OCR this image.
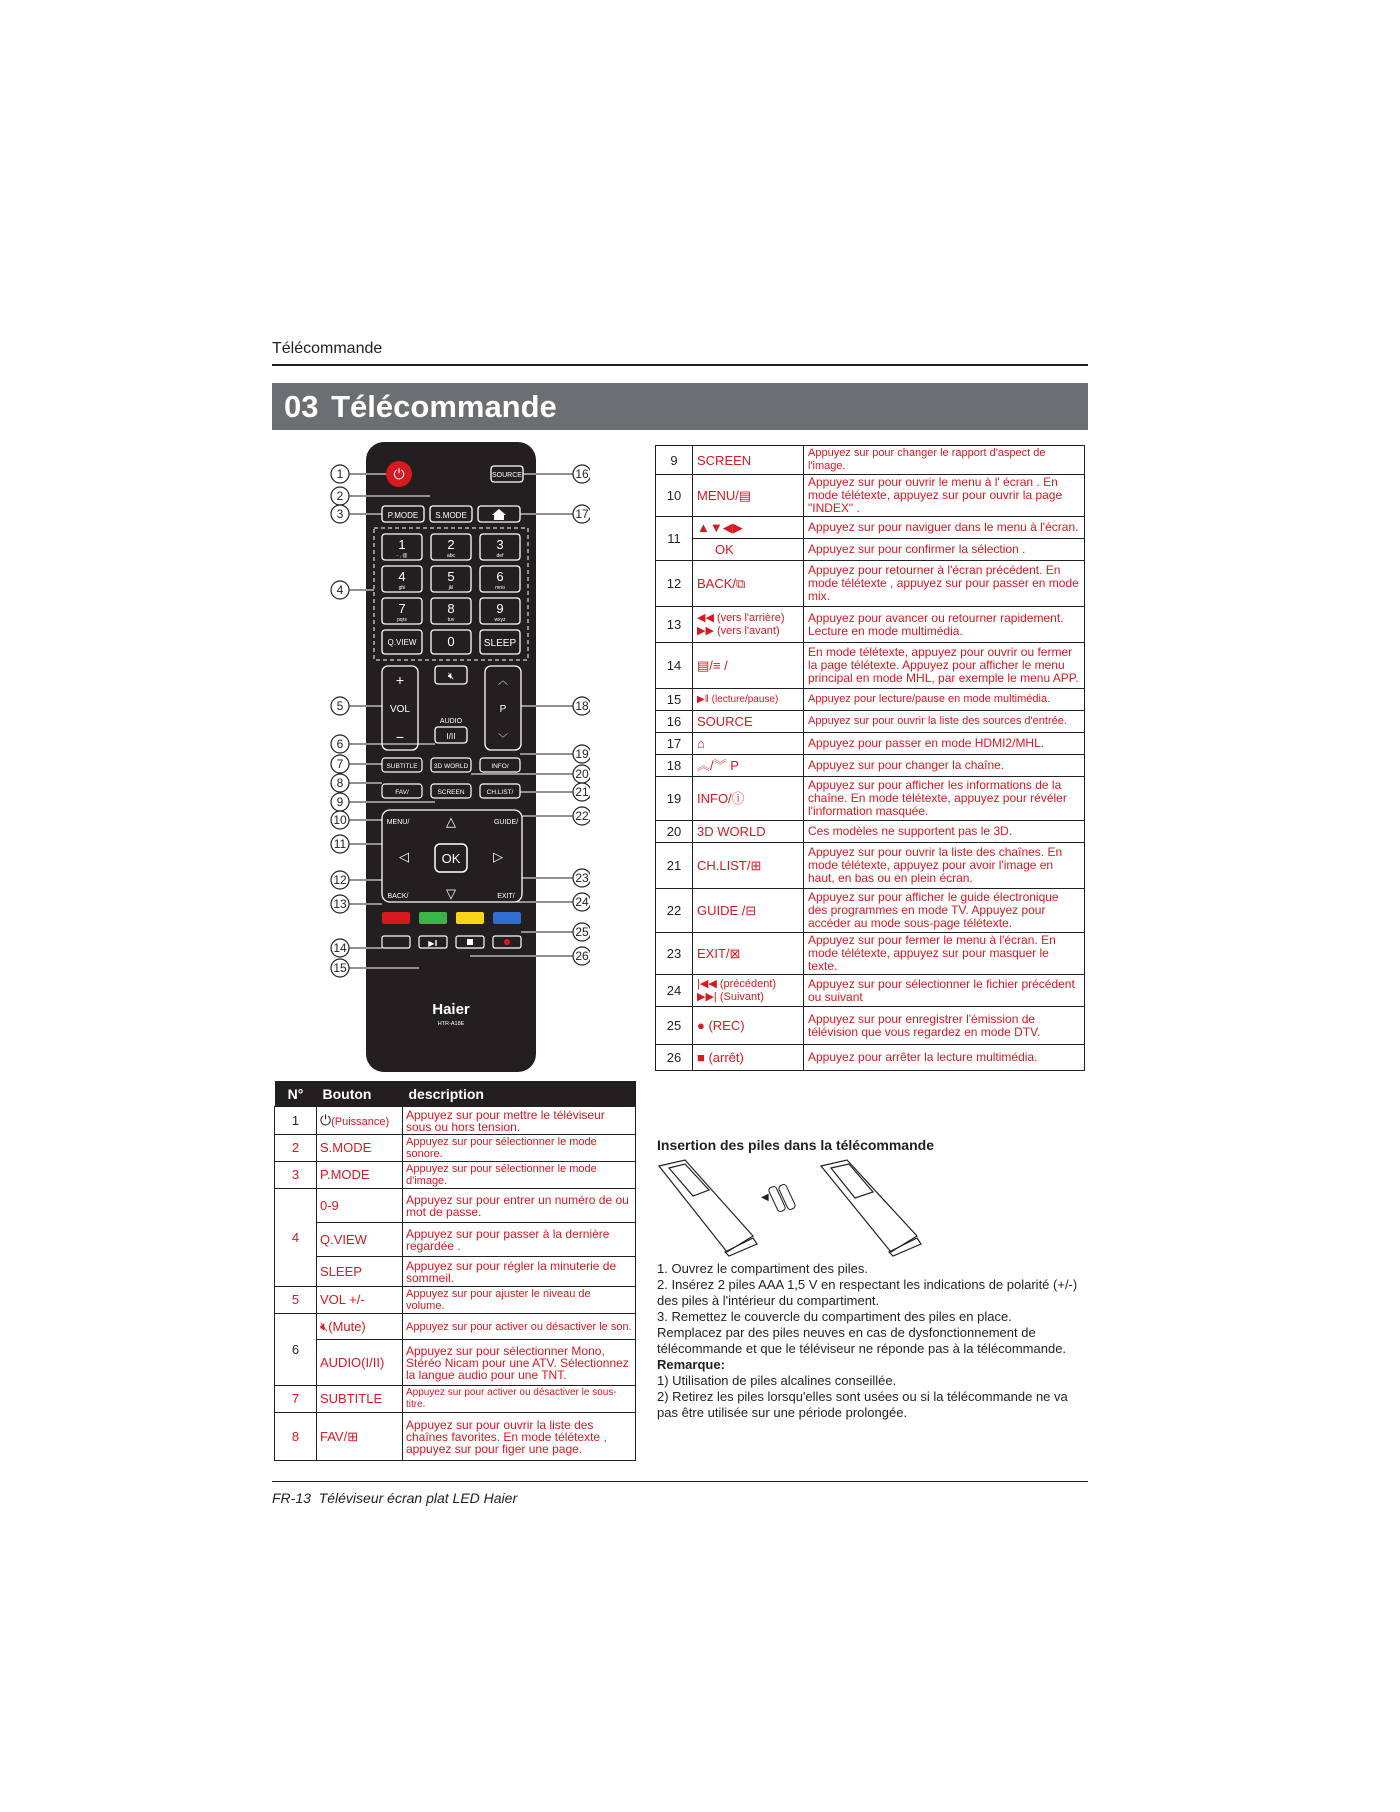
Télécommande
03 Télécommande
⏻	SOURCE
P.MODE S.MODE
1
- , @
2
abc
3
def
4
ghi
5
jkl
6
mno
7
pqrs
8
tuv
9
wxyz
Q.VIEW 0	SLEEP
+
VOL
−
🔇︎
AUDIO
I/II
︿
P
﹀
SUBTITLE	3D WORLD	INFO/
FAV/	SCREEN	CH.LIST/
MENU/	GUIDE/
BACK/	EXIT/
△
▽
◁	▷
OK
▶‖
Haier
HTR-A18E
1
2
3
4
5
6
7
8
9
10
11
12
13
14
15
16
17
18
19
20
21
22
23
24
25
26
N°	Bouton	description
1	⏻(Puissance)	Appuyez sur pour mettre le téléviseur sous ou hors tension.
2	S.MODE	Appuyez sur pour sélectionner le mode sonore.
3	P.MODE	Appuyez sur pour sélectionner le mode d'image.
4	0-9	Appuyez sur pour entrer un numéro de ou mot de passe.
	Q.VIEW	Appuyez sur pour passer à la dernière regardée .
	SLEEP	Appuyez sur pour régler la minuterie de sommeil.
5	VOL +/-	Appuyez sur pour ajuster le niveau de volume.
6	🔇︎(Mute)	Appuyez sur pour activer ou désactiver le son.
	AUDIO(I/II)	Appuyez sur pour sélectionner Mono, Stéréo Nicam pour une ATV. Sélectionnez la langue audio pour une TNT.
7	SUBTITLE	Appuyez sur pour activer ou désactiver le sous-titre.
8	FAV/⊞	Appuyez sur pour ouvrir la liste des chaînes favorites. En mode télétexte , appuyez sur pour figer une page.
9	SCREEN	Appuyez sur pour changer le rapport d'aspect de l'image.
10	MENU/▤	Appuyez sur pour ouvrir le menu à l' écran . En mode télétexte, appuyez sur pour ouvrir la page "INDEX" .
11	▲▼◀▶	Appuyez sur pour naviguer dans le menu à l'écran.
	OK	Appuyez sur pour confirmer la sélection .
12	BACK/⧉	Appuyez pour retourner à l'écran précédent. En mode télétexte , appuyez sur pour passer en mode mix.
13	◀◀ (vers l'arrière)
▶▶ (vers l'avant)	Appuyez pour avancer ou retourner rapidement. Lecture en mode multimédia.
14	▤/≡ /	En mode télétexte, appuyez pour ouvrir ou fermer la page télétexte. Appuyez pour afficher le menu principal en mode MHL, par exemple le menu APP.
15	▶‖ (lecture/pause)	Appuyez pour lecture/pause en mode multimédia.
16	SOURCE	Appuyez sur pour ouvrir la liste des sources d'entrée.
17	⌂	Appuyez pour passer en mode HDMI2/MHL.
18	︽/︾ P	Appuyez sur pour changer la chaîne.
19	INFO/ⓘ	Appuyez sur pour afficher les informations de la chaîne. En mode télétexte, appuyez pour révéler l'information masquée.
20	3D WORLD	Ces modèles ne supportent pas le 3D.
21	CH.LIST/⊞	Appuyez sur pour ouvrir la liste des chaînes. En mode télétexte, appuyez pour avoir l'image en haut, en bas ou en plein écran.
22	GUIDE /⊟	Appuyez sur pour afficher le guide électronique des programmes en mode TV. Appuyez pour accéder au mode sous-page télétexte.
23	EXIT/⊠	Appuyez sur pour fermer le menu à l'écran. En mode télétexte, appuyez sur pour masquer le texte.
24	|◀◀ (précédent)
▶▶| (Suivant)	Appuyez sur pour sélectionner le fichier précédent ou suivant
25	● (REC)	Appuyez sur pour enregistrer l'émission de télévision que vous regardez en mode DTV.
26	■ (arrêt)	Appuyez pour arrêter la lecture multimédia.
Insertion des piles dans la télécommande
◀
1. Ouvrez le compartiment des piles.
2. Insérez 2 piles AAA 1,5 V en respectant les indications de polarité (+/-) des piles à l'intérieur du compartiment.
3. Remettez le couvercle du compartiment des piles en place.
Remplacez par des piles neuves en cas de dysfonctionnement de télécommande et que le téléviseur ne réponde pas à la télécommande.
Remarque:
1) Utilisation de piles alcalines conseillée.
2) Retirez les piles lorsqu'elles sont usées ou si la télécommande ne va pas être utilisée sur une période prolongée.
FR-13 Téléviseur écran plat LED Haier
